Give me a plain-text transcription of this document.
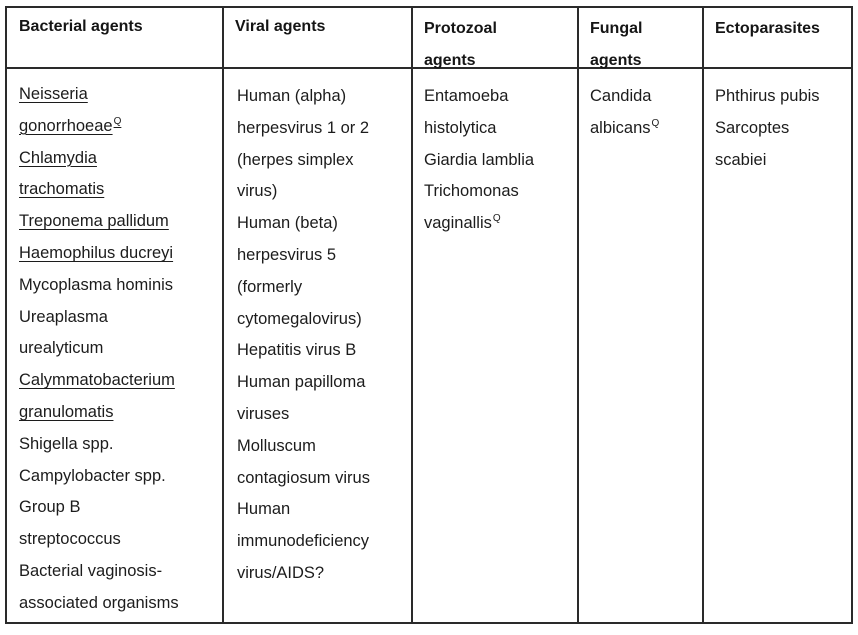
Bacterial agents
Neisseria
gonorrhoeae$^Q$
Chlamydia
trachomatis
Treponema pallidum
Haemophilus ducreyi
Mycoplasma hominis
Ureaplasma
urealyticum
Calymmatobacterium
granulomatis
Shigella spp.
Campylobacter spp.
Group B
streptococcus
Bacterial vaginosis-
associated organisms
Viral agents
Human (alpha)
herpesvirus 1 or 2
(herpes simplex
virus)
Human (beta)
herpesvirus 5
(formerly
cytomegalovirus)
Hepatitis virus B
Human papilloma
viruses
Molluscum
contagiosum virus
Human
immunodeficiency
virus/AIDS?
Protozoal
agents
Entamoeba
histolytica
Giardia lamblia
Trichomonas
vaginallis$^Q$
Fungal
agents
Candida
albicans$^Q$
Ectoparasites
Phthirus pubis
Sarcoptes
scabiei
